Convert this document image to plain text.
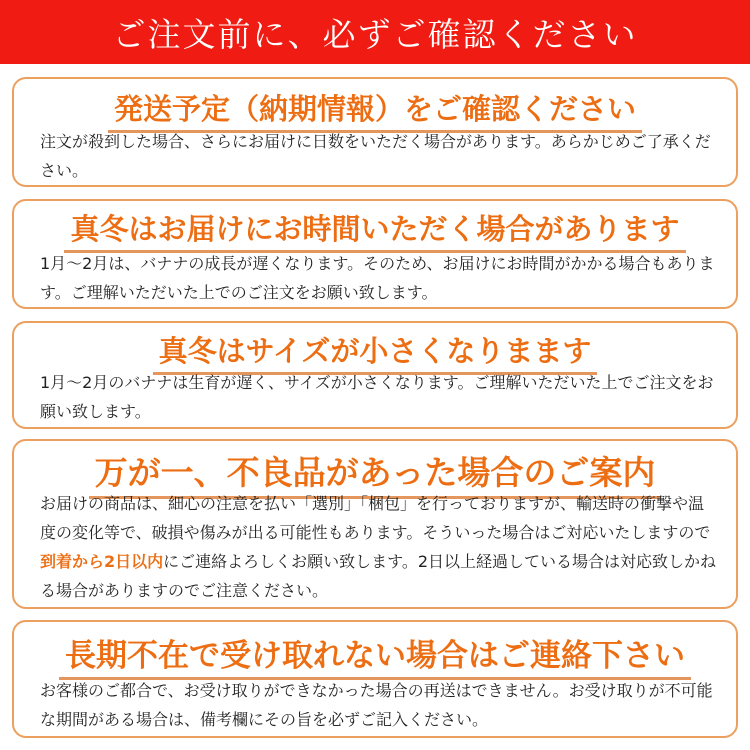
ご注文前に、必ずご確認ください
発送予定（納期情報）をご確認ください
注文が殺到した場合、さらにお届けに日数をいただく場合があります。あらかじめご了承ください。
真冬はお届けにお時間いただく場合があります
1月～2月は、バナナの成長が遅くなります。そのため、お届けにお時間がかかる場合もあります。ご理解いただいた上でのご注文をお願い致します。
真冬はサイズが小さくなりまます
1月～2月のバナナは生育が遅く、サイズが小さくなります。ご理解いただいた上でご注文をお願い致します。
万が一、不良品があった場合のご案内
お届けの商品は、細心の注意を払い「選別」「梱包」を行っておりますが、輸送時の衝撃や温度の変化等で、破損や傷みが出る可能性もあります。そういった場合はご対応いたしますので到着から2日以内にご連絡よろしくお願い致します。2日以上経過している場合は対応致しかねる場合がありますのでご注意ください。
長期不在で受け取れない場合はご連絡下さい
お客様のご都合で、お受け取りができなかった場合の再送はできません。お受け取りが不可能な期間がある場合は、備考欄にその旨を必ずご記入ください。
